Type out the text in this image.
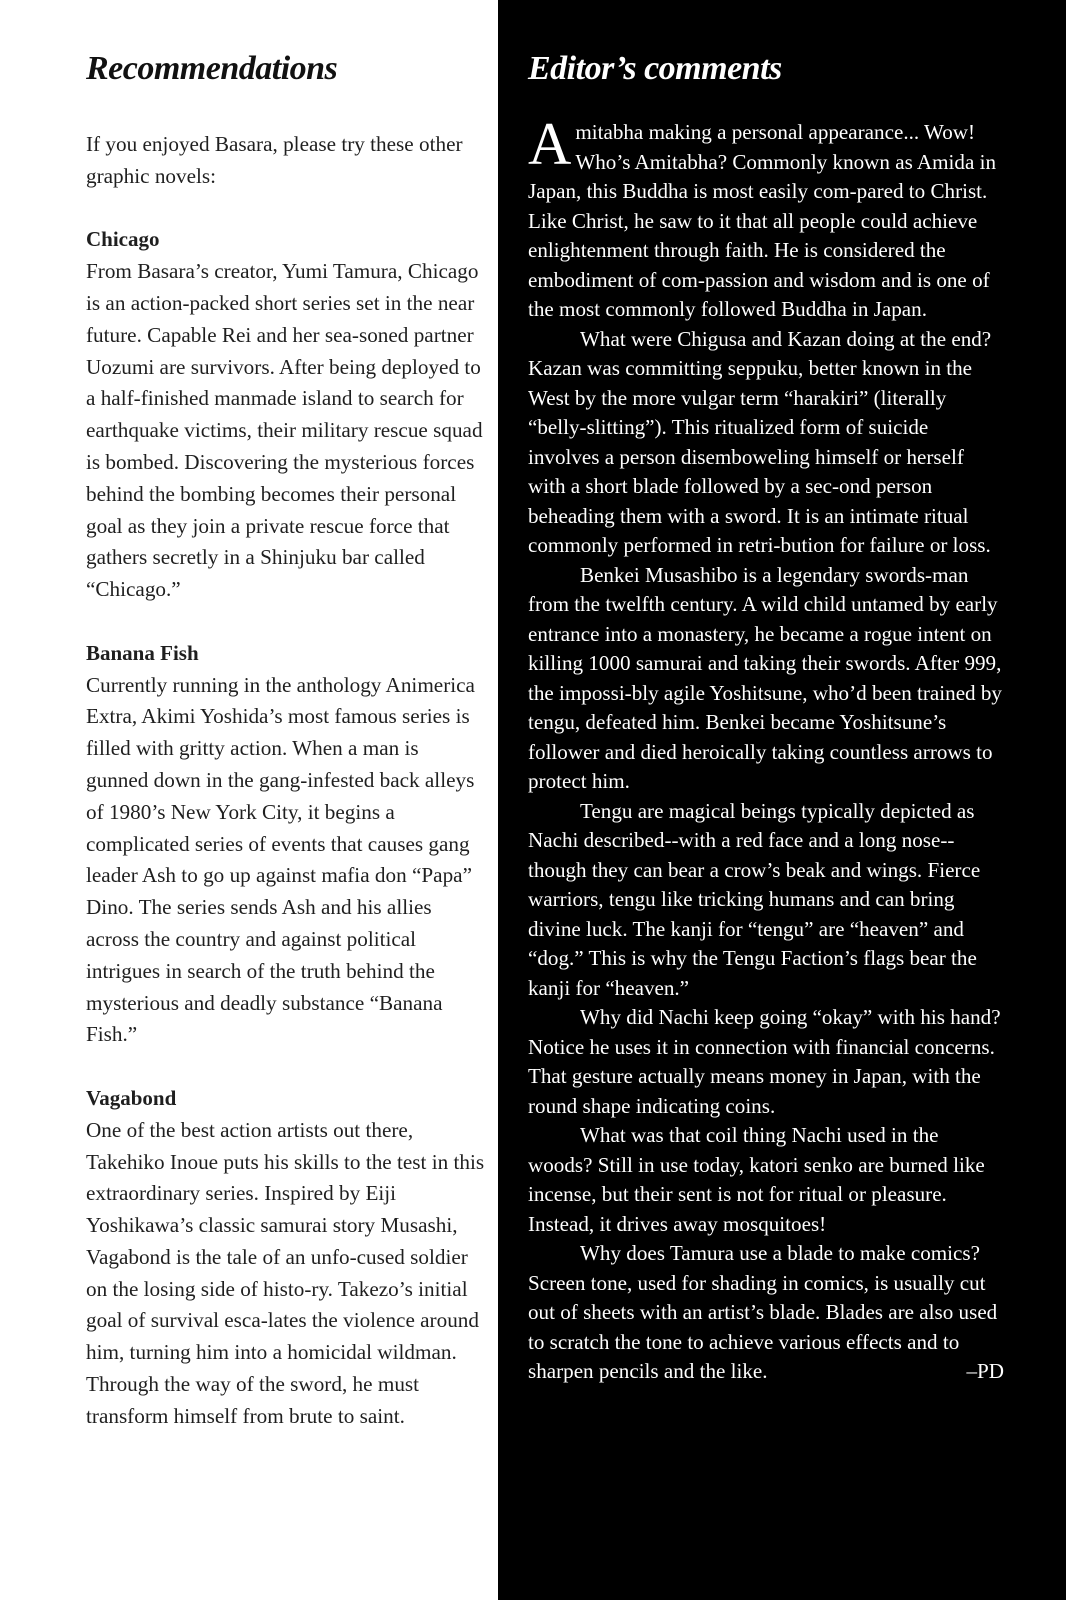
Recommendations

If you enjoyed Basara, please try these other graphic novels:

Chicago

From Basara’s creator, Yumi Tamura, Chicago is an action-packed short series set in the near future. Capable Rei and her sea-soned partner Uozumi are survivors. After being deployed to a half-finished manmade island to search for earthquake victims, their military rescue squad is bombed. Discovering the mysterious forces behind the bombing becomes their personal goal as they join a private rescue force that gathers secretly in a Shinjuku bar called “Chicago.”

Banana Fish

Currently running in the anthology Animerica Extra, Akimi Yoshida’s most famous series is filled with gritty action. When a man is gunned down in the gang-infested back alleys of 1980’s New York City, it begins a complicated series of events that causes gang leader Ash to go up against mafia don “Papa” Dino. The series sends Ash and his allies across the country and against political intrigues in search of the truth behind the mysterious and deadly substance “Banana Fish.”

Vagabond

One of the best action artists out there, Takehiko Inoue puts his skills to the test in this extraordinary series. Inspired by Eiji Yoshikawa’s classic samurai story Musashi, Vagabond is the tale of an unfo-cused soldier on the losing side of histo-ry. Takezo’s initial goal of survival esca-lates the violence around him, turning him into a homicidal wildman. Through the way of the sword, he must transform himself from brute to saint.

Editor’s comments

Amitabha making a personal appearance... Wow! Who’s Amitabha? Commonly known as Amida in Japan, this Buddha is most easily com-pared to Christ. Like Christ, he saw to it that all people could achieve enlightenment through faith. He is considered the embodiment of com-passion and wisdom and is one of the most commonly followed Buddha in Japan.

What were Chigusa and Kazan doing at the end? Kazan was committing seppuku, better known in the West by the more vulgar term “harakiri” (literally “belly-slitting”). This ritualized form of suicide involves a person disemboweling himself or herself with a short blade followed by a sec-ond person beheading them with a sword. It is an intimate ritual commonly performed in retri-bution for failure or loss.

Benkei Musashibo is a legendary swords-man from the twelfth century. A wild child untamed by early entrance into a monastery, he became a rogue intent on killing 1000 samurai and taking their swords. After 999, the impossi-bly agile Yoshitsune, who’d been trained by tengu, defeated him. Benkei became Yoshitsune’s follower and died heroically taking countless arrows to protect him.

Tengu are magical beings typically depicted as Nachi described--with a red face and a long nose--though they can bear a crow’s beak and wings. Fierce warriors, tengu like tricking humans and can bring divine luck. The kanji for “tengu” are “heaven” and “dog.” This is why the Tengu Faction’s flags bear the kanji for “heaven.”

Why did Nachi keep going “okay” with his hand? Notice he uses it in connection with financial concerns. That gesture actually means money in Japan, with the round shape indicating coins.

What was that coil thing Nachi used in the woods? Still in use today, katori senko are burned like incense, but their sent is not for ritual or pleasure. Instead, it drives away mosquitoes!

Why does Tamura use a blade to make comics? Screen tone, used for shading in comics, is usually cut out of sheets with an artist’s blade. Blades are also used to scratch the tone to achieve various effects and to sharpen pencils and the like.	–PD
